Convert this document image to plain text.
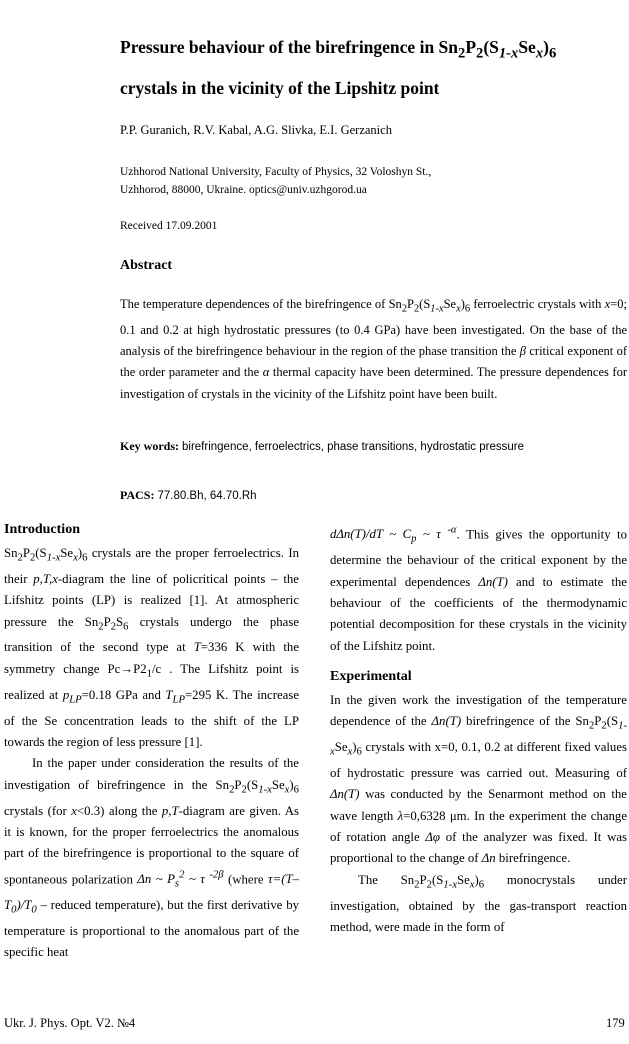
Pressure behaviour of the birefringence in $Sn_2P_2(S_{1-x}Se_x)_6$
crystals in the vicinity of the Lipshitz point
P.P. Guranich, R.V. Kabal, A.G. Slivka, E.I. Gerzanich
Uzhhorod National University, Faculty of Physics, 32 Voloshyn St.,
Uzhhorod, 88000, Ukraine. optics@univ.uzhgorod.ua
Received 17.09.2001
Abstract

The temperature dependences of the birefringence of $Sn_2P_2(S_{1-x}Se_x)_6$ ferroelectric crystals with x=0; 0.1 and 0.2 at high hydrostatic pressures (to 0.4 GPa) have been investigated. On the base of the analysis of the birefringence behaviour in the region of the phase transition the β critical exponent of the order parameter and the α thermal capacity have been determined. The pressure dependences for investigation of crystals in the vicinity of the Lifshitz point have been built.

Key words: birefringence, ferroelectrics, phase transitions, hydrostatic pressure
PACS: 77.80.Bh, 64.70.Rh
Introduction

$Sn_2P_2(S_{1-x}Se_x)_6$ crystals are the proper ferroelectrics. In their p,T,x-diagram the line of policritical points – the Lifshitz points (LP) is realized [1]. At atmospheric pressure the $Sn_2P_2S_6$ crystals undergo the phase transition of the second type at T=336 K with the symmetry change $Pc\to P2_1/c$ . The Lifshitz point is realized at $p_{LP}=0.18$ GPa and $T_{LP}=295$ K. The increase of the Se concentration leads to the shift of the LP towards the region of less pressure [1].

In the paper under consideration the results of the investigation of birefringence in the $Sn_2P_2(S_{1-x}Se_x)_6$ crystals (for x<0.3) along the p,T-diagram are given. As it is known, for the proper ferroelectrics the anomalous part of the birefringence is proportional to the square of spontaneous polarization Δn ~ $P_s^2$ ~ τ $^{-2\beta}$ (where $\tau=(T-T_0)/T_0$ – reduced temperature), but the first derivative by temperature is proportional to the anomalous part of the specific heat

dΔn(T)/dT ~ $C_p$ ~ τ $^{-\alpha}$. This gives the opportunity to determine the behaviour of the critical exponent by the experimental dependences Δn(T) and to estimate the behaviour of the coefficients of the thermodynamic potential decomposition for these crystals in the vicinity of the Lifshitz point.

Experimental

In the given work the investigation of the temperature dependence of the Δn(T) birefringence of the $Sn_2P_2(S_{1-x}Se_x)_6$ crystals with x=0, 0.1, 0.2 at different fixed values of hydrostatic pressure was carried out. Measuring of Δn(T) was conducted by the Senarmont method on the wave length λ=0,6328 μm. In the experiment the change of rotation angle Δφ of the analyzer was fixed. It was proportional to the change of Δn birefringence.

The $Sn_2P_2(S_{1-x}Se_x)_6$ monocrystals under investigation, obtained by the gas-transport reaction method, were made in the form of

Ukr. J. Phys. Opt. V2. №4	179
